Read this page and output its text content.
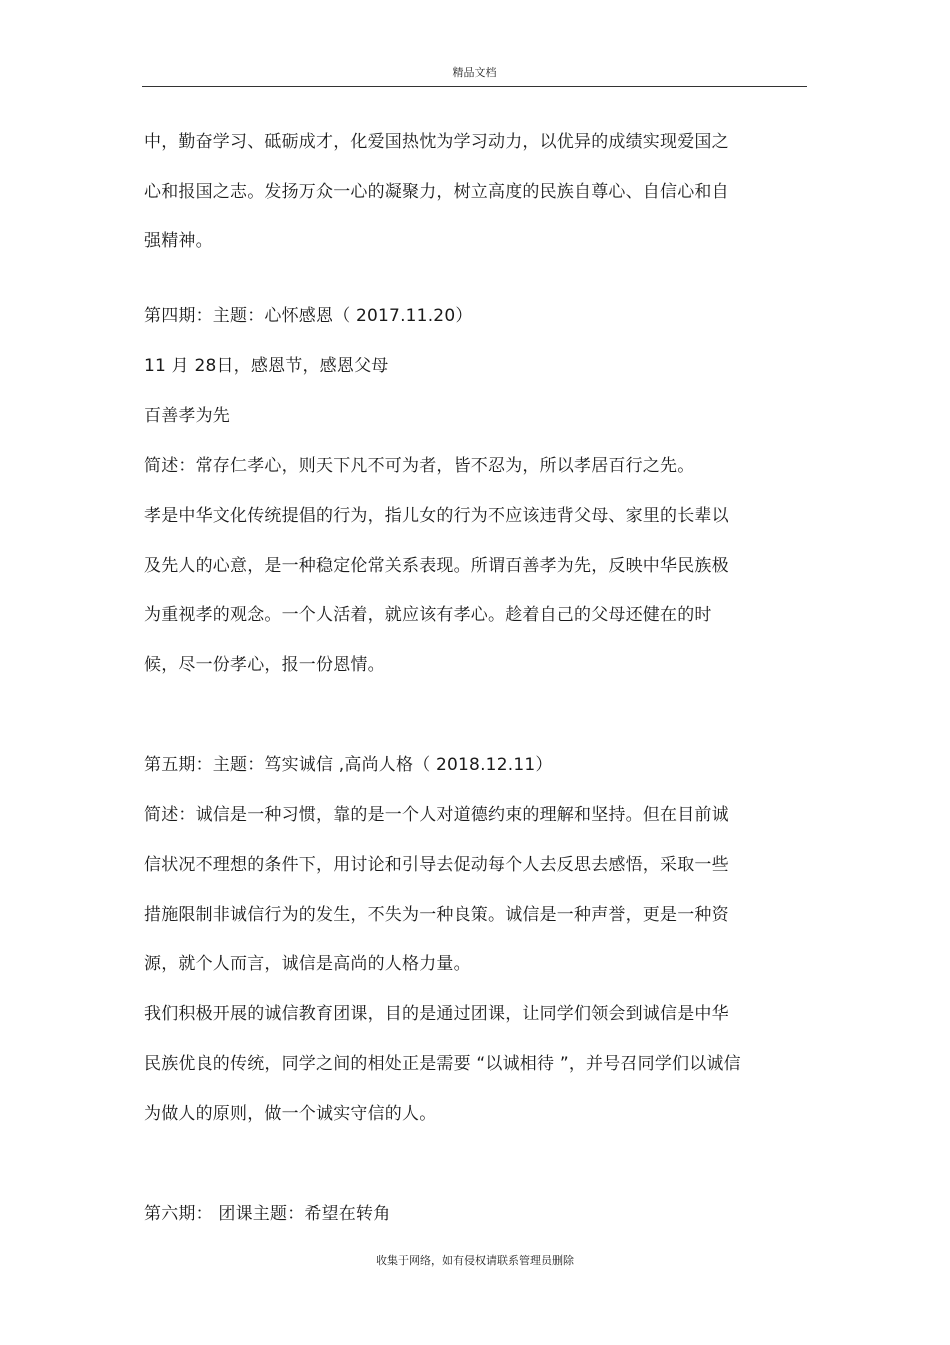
精品文档
中，勤奋学习、砥砺成才，化爱国热忱为学习动力，以优异的成绩实现爱国之
心和报国之志。发扬万众一心的凝聚力，树立高度的民族自尊心、自信心和自
强精神。
第四期：主题：心怀感恩（ 2017.11.20）
11 月 28日，感恩节，感恩父母
百善孝为先
简述：常存仁孝心，则天下凡不可为者，皆不忍为，所以孝居百行之先。
孝是中华文化传统提倡的行为，指儿女的行为不应该违背父母、家里的长辈以
及先人的心意，是一种稳定伦常关系表现。所谓百善孝为先，反映中华民族极
为重视孝的观念。一个人活着，就应该有孝心。趁着自己的父母还健在的时
候，尽一份孝心，报一份恩情。
第五期：主题：笃实诚信 ,高尚人格（ 2018.12.11）
简述：诚信是一种习惯，靠的是一个人对道德约束的理解和坚持。但在目前诚
信状况不理想的条件下，用讨论和引导去促动每个人去反思去感悟，采取一些
措施限制非诚信行为的发生，不失为一种良策。诚信是一种声誉，更是一种资
源，就个人而言，诚信是高尚的人格力量。
我们积极开展的诚信教育团课，目的是通过团课，让同学们领会到诚信是中华
民族优良的传统，同学之间的相处正是需要 “以诚相待 ”，并号召同学们以诚信
为做人的原则，做一个诚实守信的人。
第六期： 团课主题：希望在转角
收集于网络，如有侵权请联系管理员删除
